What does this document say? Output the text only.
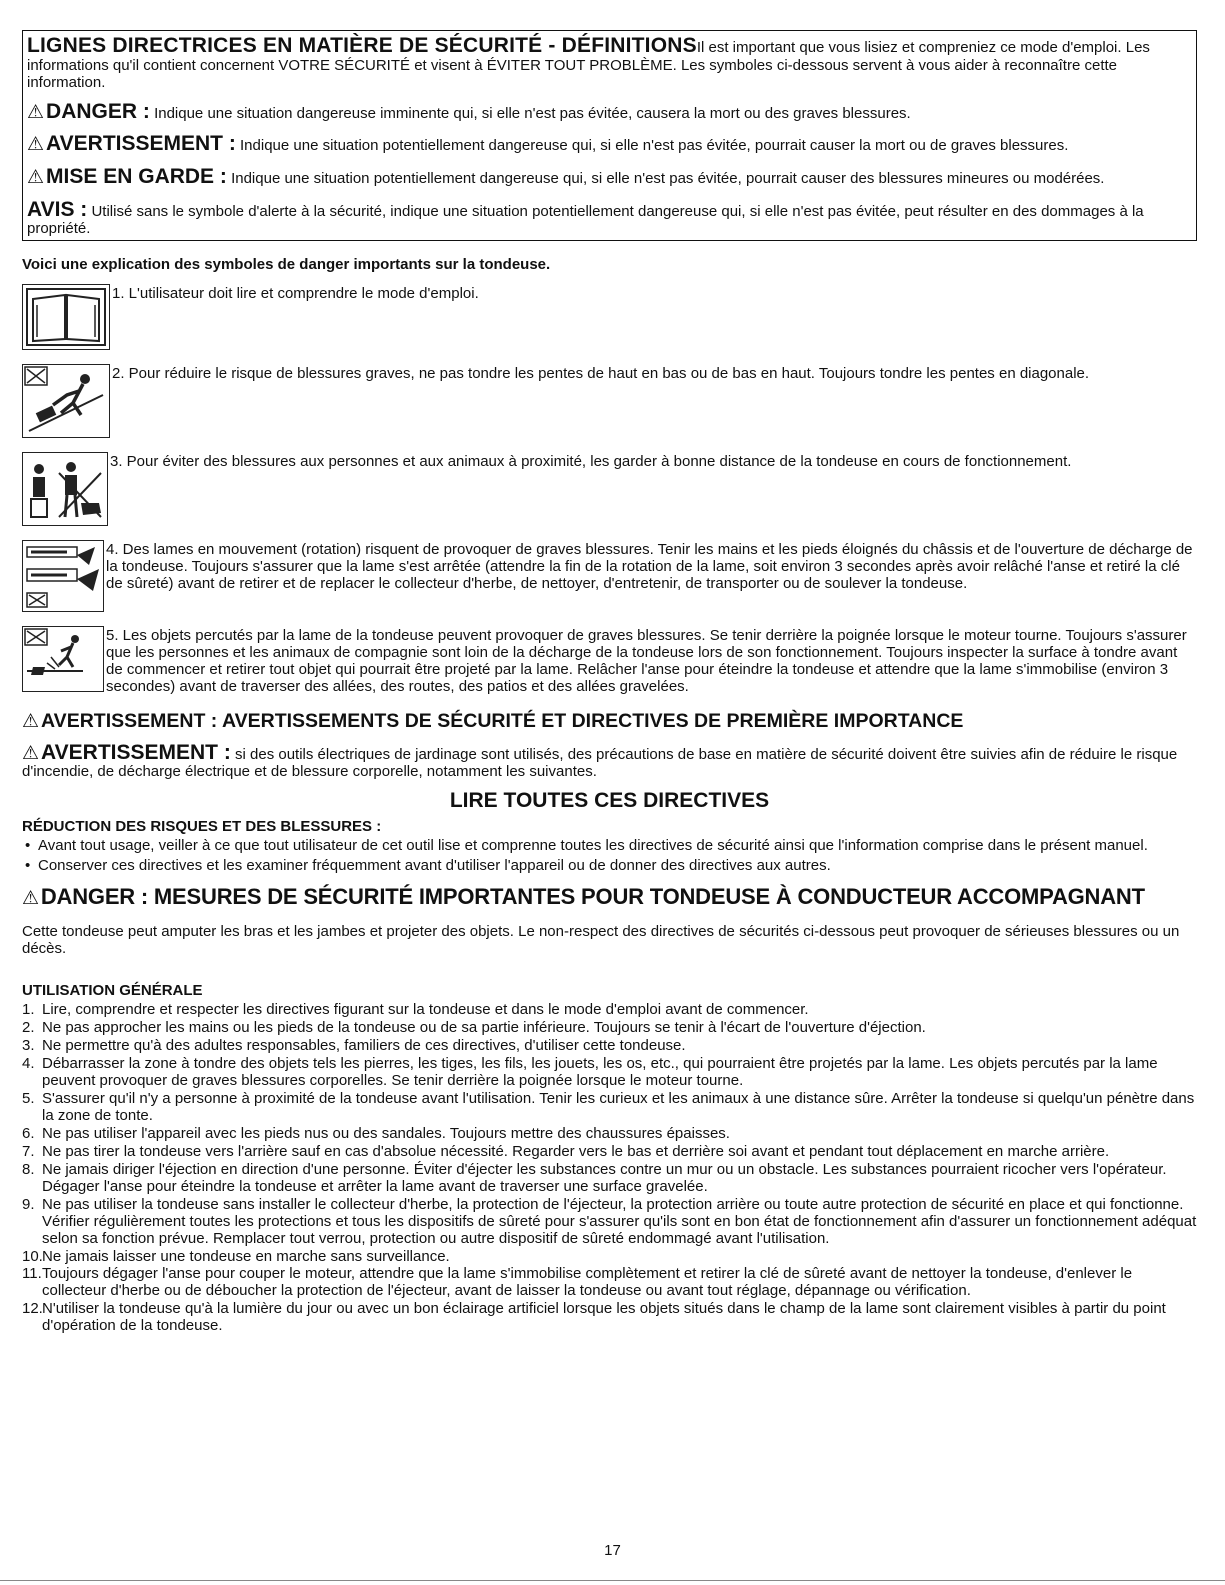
LIGNES DIRECTRICES EN MATIÈRE DE SÉCURITÉ - DÉFINITIONSIl est important que vous lisiez et compreniez ce mode d'emploi. Les informations qu'il contient concernent VOTRE SÉCURITÉ et visent à ÉVITER TOUT PROBLÈME. Les symboles ci-dessous servent à vous aider à reconnaître cette information.

⚠DANGER : Indique une situation dangereuse imminente qui, si elle n'est pas évitée, causera la mort ou des graves blessures.

⚠AVERTISSEMENT : Indique une situation potentiellement dangereuse qui, si elle n'est pas évitée, pourrait causer la mort ou de graves blessures.

⚠MISE EN GARDE : Indique une situation potentiellement dangereuse qui, si elle n'est pas évitée, pourrait causer des blessures mineures ou modérées.

AVIS : Utilisé sans le symbole d'alerte à la sécurité, indique une situation potentiellement dangereuse qui, si elle n'est pas évitée, peut résulter en des dommages à la propriété.

Voici une explication des symboles de danger importants sur la tondeuse.
1. L'utilisateur doit lire et comprendre le mode d'emploi.
2. Pour réduire le risque de blessures graves, ne pas tondre les pentes de haut en bas ou de bas en haut. Toujours tondre les pentes en diagonale.
3. Pour éviter des blessures aux personnes et aux animaux à proximité, les garder à bonne distance de la tondeuse en cours de fonctionnement.
4. Des lames en mouvement (rotation) risquent de provoquer de graves blessures. Tenir les mains et les pieds éloignés du châssis et de l'ouverture de décharge de la tondeuse. Toujours s'assurer que la lame s'est arrêtée (attendre la fin de la rotation de la lame, soit environ 3 secondes après avoir relâché l'anse et retiré la clé de sûreté) avant de retirer et de replacer le collecteur d'herbe, de nettoyer, d'entretenir, de transporter ou de soulever la tondeuse.
5. Les objets percutés par la lame de la tondeuse peuvent provoquer de graves blessures. Se tenir derrière la poignée lorsque le moteur tourne. Toujours s'assurer que les personnes et les animaux de compagnie sont loin de la décharge de la tondeuse lors de son fonctionnement. Toujours inspecter la surface à tondre avant de commencer et retirer tout objet qui pourrait être projeté par la lame. Relâcher l'anse pour éteindre la tondeuse et attendre que la lame s'immobilise (environ 3 secondes) avant de traverser des allées, des routes, des patios et des allées gravelées.
⚠ AVERTISSEMENT : AVERTISSEMENTS DE SÉCURITÉ ET DIRECTIVES DE PREMIÈRE IMPORTANCE

⚠AVERTISSEMENT : si des outils électriques de jardinage sont utilisés, des précautions de base en matière de sécurité doivent être suivies afin de réduire le risque d'incendie, de décharge électrique et de blessure corporelle, notamment les suivantes.

LIRE TOUTES CES DIRECTIVES
RÉDUCTION DES RISQUES ET DES BLESSURES :
• Avant tout usage, veiller à ce que tout utilisateur de cet outil lise et comprenne toutes les directives de sécurité ainsi que l'information comprise dans le présent manuel.
• Conserver ces directives et les examiner fréquemment avant d'utiliser l'appareil ou de donner des directives aux autres.
⚠DANGER : MESURES DE SÉCURITÉ IMPORTANTES POUR TONDEUSE À CONDUCTEUR ACCOMPAGNANT

Cette tondeuse peut amputer les bras et les jambes et projeter des objets. Le non-respect des directives de sécurités ci-dessous peut provoquer de sérieuses blessures ou un décès.

UTILISATION GÉNÉRALE
1. Lire, comprendre et respecter les directives figurant sur la tondeuse et dans le mode d'emploi avant de commencer.
2. Ne pas approcher les mains ou les pieds de la tondeuse ou de sa partie inférieure. Toujours se tenir à l'écart de l'ouverture d'éjection.
3. Ne permettre qu'à des adultes responsables, familiers de ces directives, d'utiliser cette tondeuse.
4. Débarrasser la zone à tondre des objets tels les pierres, les tiges, les fils, les jouets, les os, etc., qui pourraient être projetés par la lame. Les objets percutés par la lame peuvent provoquer de graves blessures corporelles. Se tenir derrière la poignée lorsque le moteur tourne.
5. S'assurer qu'il n'y a personne à proximité de la tondeuse avant l'utilisation. Tenir les curieux et les animaux à une distance sûre. Arrêter la tondeuse si quelqu'un pénètre dans la zone de tonte.
6. Ne pas utiliser l'appareil avec les pieds nus ou des sandales. Toujours mettre des chaussures épaisses.
7. Ne pas tirer la tondeuse vers l'arrière sauf en cas d'absolue nécessité. Regarder vers le bas et derrière soi avant et pendant tout déplacement en marche arrière.
8. Ne jamais diriger l'éjection en direction d'une personne. Éviter d'éjecter les substances contre un mur ou un obstacle. Les substances pourraient ricocher vers l'opérateur. Dégager l'anse pour éteindre la tondeuse et arrêter la lame avant de traverser une surface gravelée.
9. Ne pas utiliser la tondeuse sans installer le collecteur d'herbe, la protection de l'éjecteur, la protection arrière ou toute autre protection de sécurité en place et qui fonctionne. Vérifier régulièrement toutes les protections et tous les dispositifs de sûreté pour s'assurer qu'ils sont en bon état de fonctionnement afin d'assurer un fonctionnement adéquat selon sa fonction prévue. Remplacer tout verrou, protection ou autre dispositif de sûreté endommagé avant l'utilisation.
10. Ne jamais laisser une tondeuse en marche sans surveillance.
11. Toujours dégager l'anse pour couper le moteur, attendre que la lame s'immobilise complètement et retirer la clé de sûreté avant de nettoyer la tondeuse, d'enlever le collecteur d'herbe ou de déboucher la protection de l'éjecteur, avant de laisser la tondeuse ou avant tout réglage, dépannage ou vérification.
12. N'utiliser la tondeuse qu'à la lumière du jour ou avec un bon éclairage artificiel lorsque les objets situés dans le champ de la lame sont clairement visibles à partir du point d'opération de la tondeuse.
17
